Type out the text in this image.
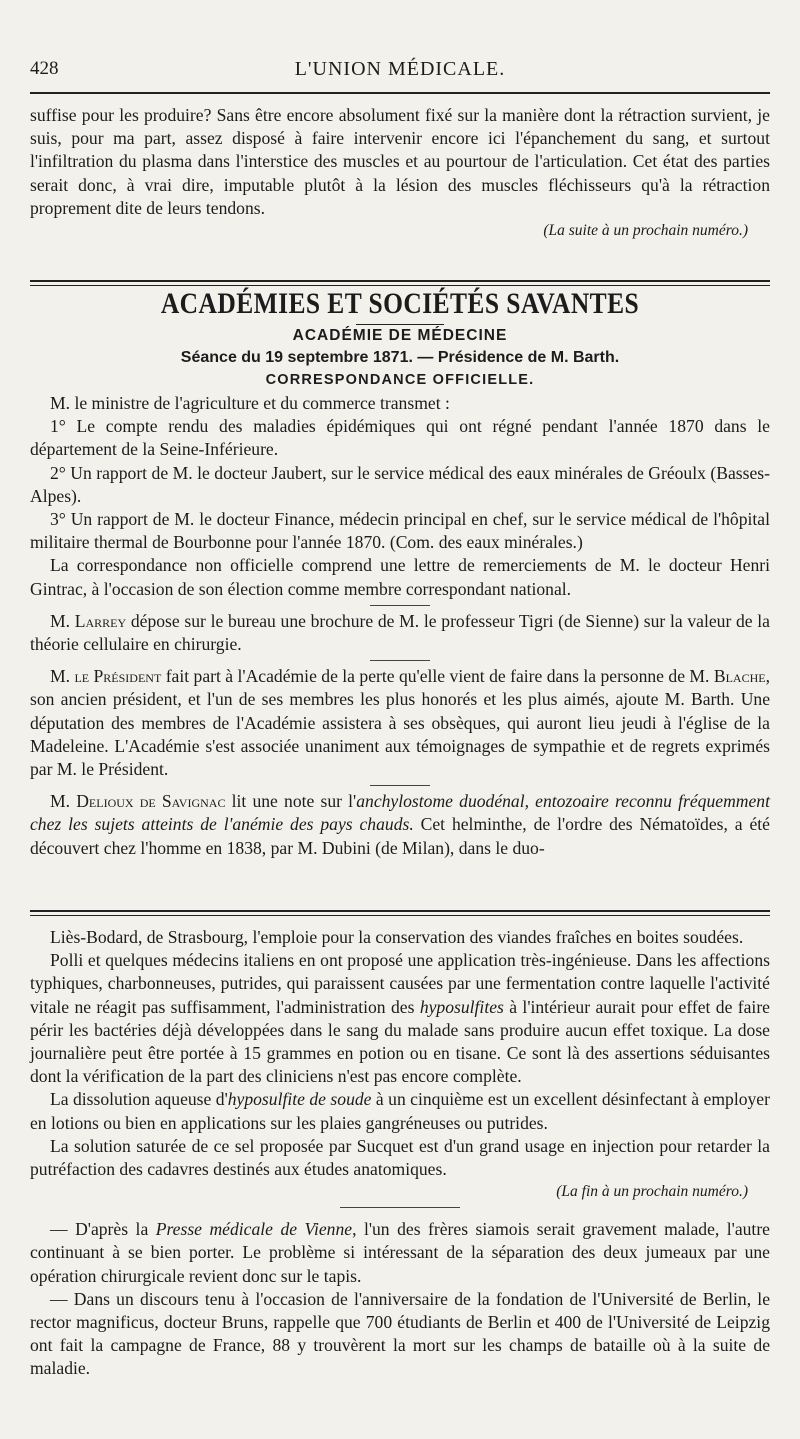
428	L'UNION MÉDICALE.

suffise pour les produire? Sans être encore absolument fixé sur la manière dont la rétraction survient, je suis, pour ma part, assez disposé à faire intervenir encore ici l'épanchement du sang, et surtout l'infiltration du plasma dans l'interstice des muscles et au pourtour de l'articulation. Cet état des parties serait donc, à vrai dire, imputable plutôt à la lésion des muscles fléchisseurs qu'à la rétraction proprement dite de leurs tendons.

(La suite à un prochain numéro.)
ACADÉMIES ET SOCIÉTÉS SAVANTES
ACADÉMIE DE MÉDECINE
Séance du 19 septembre 1871. — Présidence de M. Barth.
CORRESPONDANCE OFFICIELLE.

M. le ministre de l'agriculture et du commerce transmet :

1° Le compte rendu des maladies épidémiques qui ont régné pendant l'année 1870 dans le département de la Seine-Inférieure.

2° Un rapport de M. le docteur Jaubert, sur le service médical des eaux minérales de Gréoulx (Basses-Alpes).

3° Un rapport de M. le docteur Finance, médecin principal en chef, sur le service médical de l'hôpital militaire thermal de Bourbonne pour l'année 1870. (Com. des eaux minérales.)

La correspondance non officielle comprend une lettre de remerciements de M. le docteur Henri Gintrac, à l'occasion de son élection comme membre correspondant national.

M. Larrey dépose sur le bureau une brochure de M. le professeur Tigri (de Sienne) sur la valeur de la théorie cellulaire en chirurgie.

M. le Président fait part à l'Académie de la perte qu'elle vient de faire dans la personne de M. Blache, son ancien président, et l'un de ses membres les plus honorés et les plus aimés, ajoute M. Barth. Une députation des membres de l'Académie assistera à ses obsèques, qui auront lieu jeudi à l'église de la Madeleine. L'Académie s'est associée unaniment aux témoignages de sympathie et de regrets exprimés par M. le Président.

M. Delioux de Savignac lit une note sur l'anchylostome duodénal, entozoaire reconnu fréquemment chez les sujets atteints de l'anémie des pays chauds. Cet helminthe, de l'ordre des Nématoïdes, a été découvert chez l'homme en 1838, par M. Dubini (de Milan), dans le duo-

Liès-Bodard, de Strasbourg, l'emploie pour la conservation des viandes fraîches en boites soudées.

Polli et quelques médecins italiens en ont proposé une application très-ingénieuse. Dans les affections typhiques, charbonneuses, putrides, qui paraissent causées par une fermentation contre laquelle l'activité vitale ne réagit pas suffisamment, l'administration des hyposulfites à l'intérieur aurait pour effet de faire périr les bactéries déjà développées dans le sang du malade sans produire aucun effet toxique. La dose journalière peut être portée à 15 grammes en potion ou en tisane. Ce sont là des assertions séduisantes dont la vérification de la part des cliniciens n'est pas encore complète.

La dissolution aqueuse d'hyposulfite de soude à un cinquième est un excellent désinfectant à employer en lotions ou bien en applications sur les plaies gangréneuses ou putrides.

La solution saturée de ce sel proposée par Sucquet est d'un grand usage en injection pour retarder la putréfaction des cadavres destinés aux études anatomiques.

(La fin à un prochain numéro.)

— D'après la Presse médicale de Vienne, l'un des frères siamois serait gravement malade, l'autre continuant à se bien porter. Le problème si intéressant de la séparation des deux jumeaux par une opération chirurgicale revient donc sur le tapis.

— Dans un discours tenu à l'occasion de l'anniversaire de la fondation de l'Université de Berlin, le rector magnificus, docteur Bruns, rappelle que 700 étudiants de Berlin et 400 de l'Université de Leipzig ont fait la campagne de France, 88 y trouvèrent la mort sur les champs de bataille où à la suite de maladie.
